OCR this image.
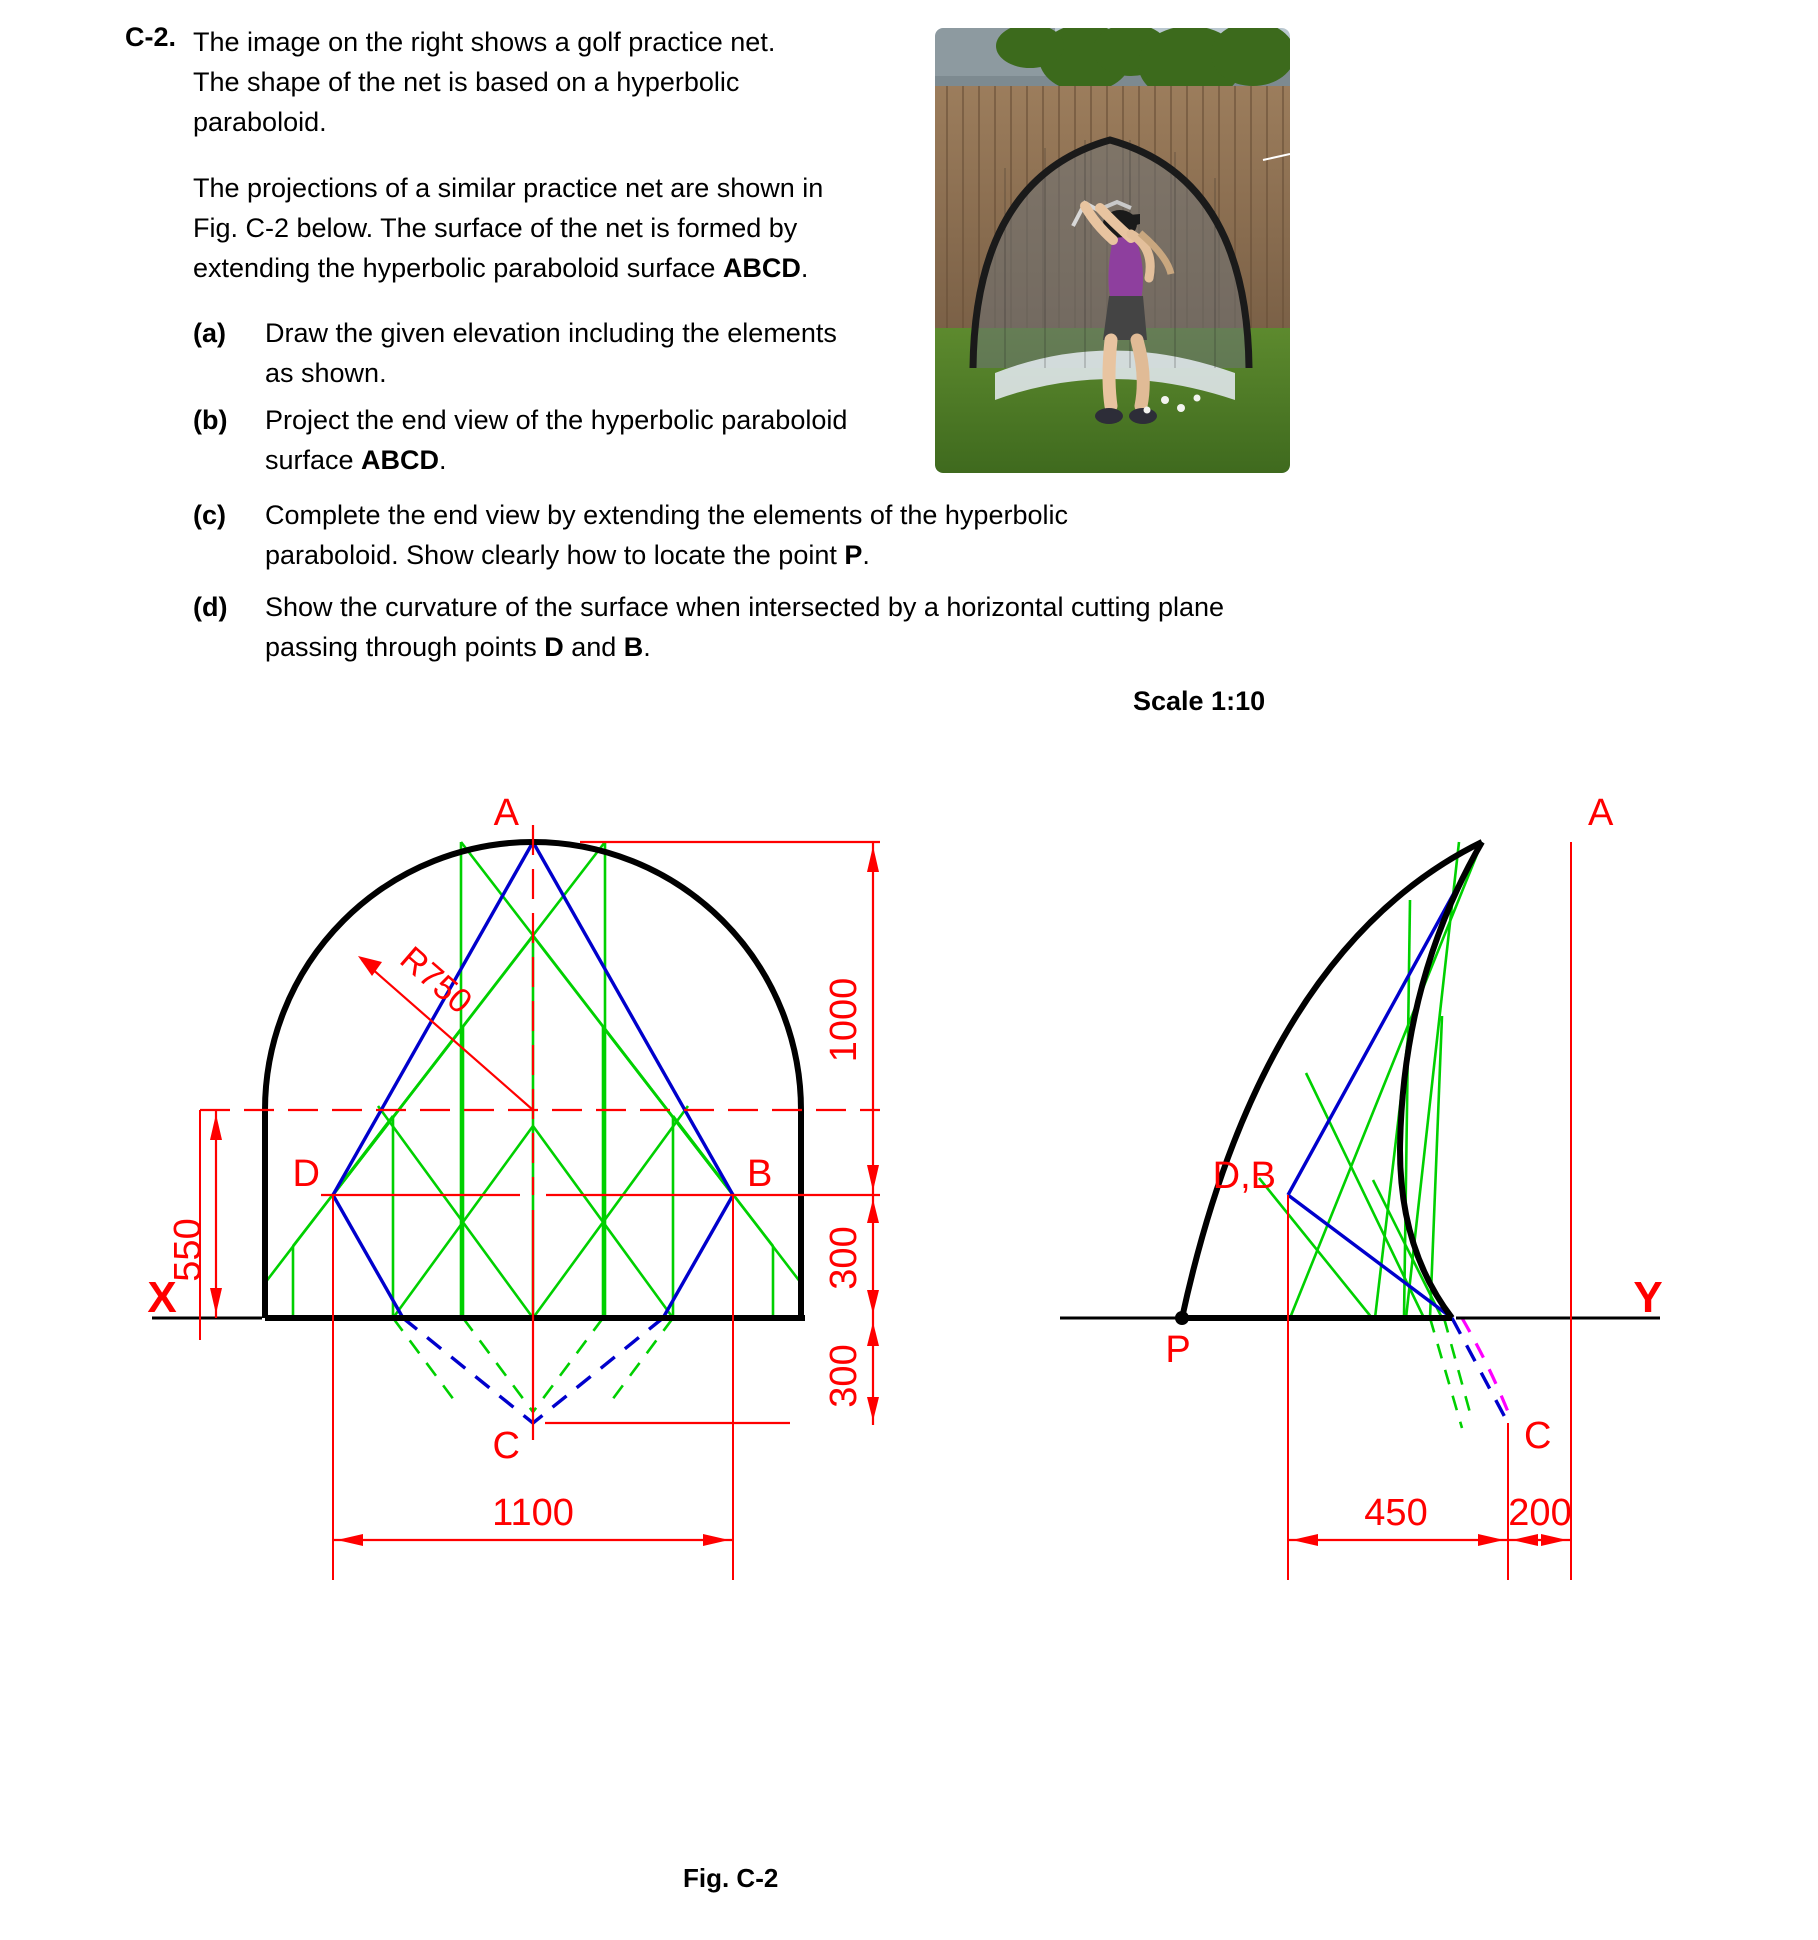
C-2. The image on the right shows a golf practice net.
The shape of the net is based on a hyperbolic
paraboloid.
The projections of a similar practice net are shown in
Fig. C-2 below. The surface of the net is formed by
extending the hyperbolic paraboloid surface ABCD.
(a)	Draw the given elevation including the elements
as shown.
(b)	Project the end view of the hyperbolic paraboloid
surface ABCD.
(c)	Complete the end view by extending the elements of the hyperbolic
paraboloid. Show clearly how to locate the point P.
(d)	Show the curvature of the surface when intersected by a horizontal cutting plane
passing through points D and B.
Scale 1:10
Fig. C-2
R750
550
1000
300
300
1100
A
D	B
C
X
450 200
A
D,B
C
P
Y
